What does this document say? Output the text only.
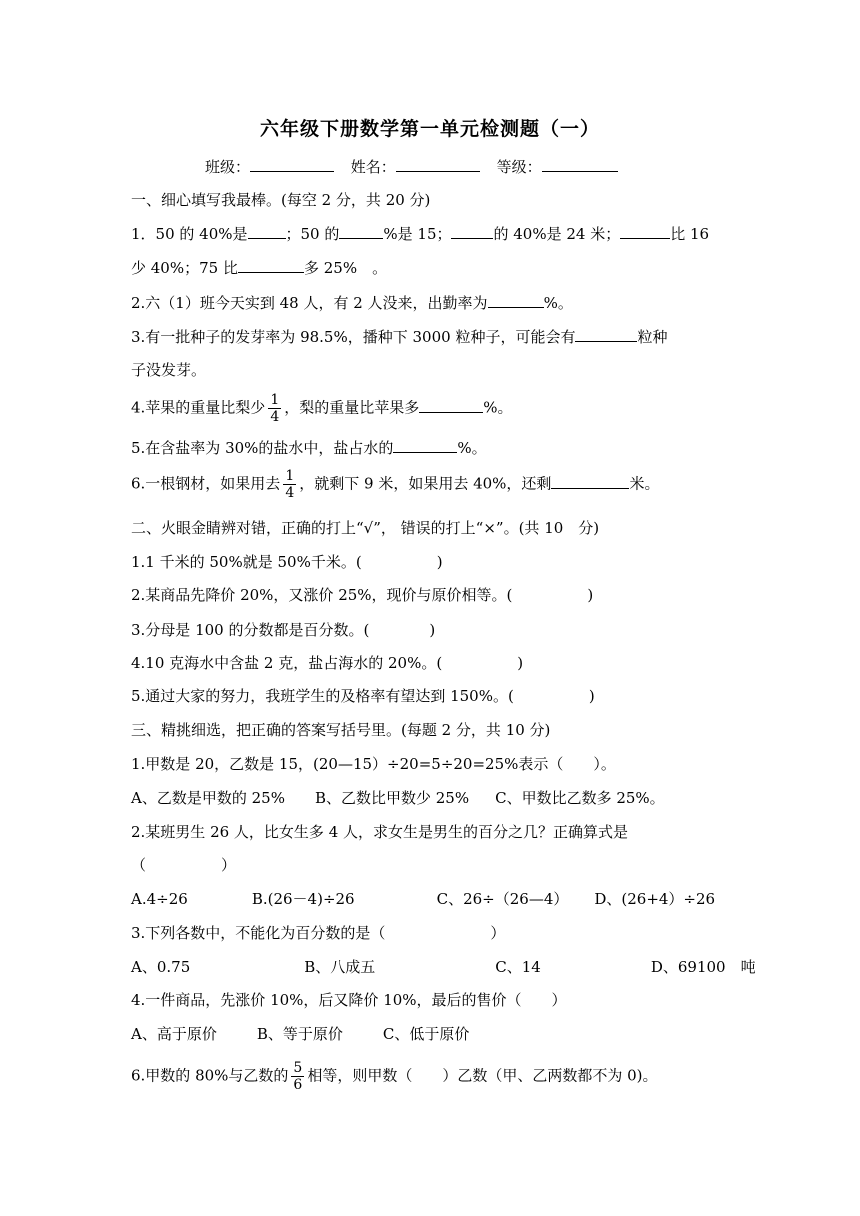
六年级下册数学第一单元检测题（一）
班级：	姓名：	等级：
一、细心填写我最棒。(每空 2 分，共 20 分)
1．50 的 40%是	；50 的	%是 15；	的 40%是 24 米；	比 16
少 40%；75 比	多 25%　。
2.六（1）班今天实到 48 人，有 2 人没来，出勤率为	%。
3.有一批种子的发芽率为 98.5%，播种下 3000 粒种子，可能会有	粒种
子没发芽。
4.苹果的重量比梨少 $\frac{1}{4}$ ，梨的重量比苹果多	%。
5.在含盐率为 30%的盐水中，盐占水的	%。
6.一根钢材，如果用去 $\frac{1}{4}$ ，就剩下 9 米，如果用去 40%，还剩	米。
二、火眼金睛辨对错，正确的打上“√”， 错误的打上“×”。(共 10　分)
1.1 千米的 50%就是 50%千米。(　　　　　)
2.某商品先降价 20%，又涨价 25%，现价与原价相等。(　　　　　)
3.分母是 100 的分数都是百分数。(　　　　)
4.10 克海水中含盐 2 克，盐占海水的 20%。(　　　　　)
5.通过大家的努力，我班学生的及格率有望达到 150%。(　　　　　)
三、精挑细选，把正确的答案写括号里。(每题 2 分，共 10 分)
1.甲数是 20，乙数是 15，(20—15）÷20=5÷20=25%表示（　　）。
A、乙数是甲数的 25% B、乙数比甲数少 25% C、甲数比乙数多 25%。
2.某班男生 26 人，比女生多 4 人，求女生是男生的百分之几？正确算式是
（　　　　　）
A.4÷26	B.(26－4)÷26	C、26÷（26—4） D、(26+4）÷26
3.下列各数中，不能化为百分数的是（　　　　　　　）
A、0.75	B、八成五	C、14	D、69100　吨
4.一件商品，先涨价 10%，后又降价 10%，最后的售价（　　）
A、高于原价	B、等于原价	C、低于原价
6.甲数的 80%与乙数的 $\frac{5}{6}$ 相等，则甲数（　　）乙数（甲、乙两数都不为 0)。
